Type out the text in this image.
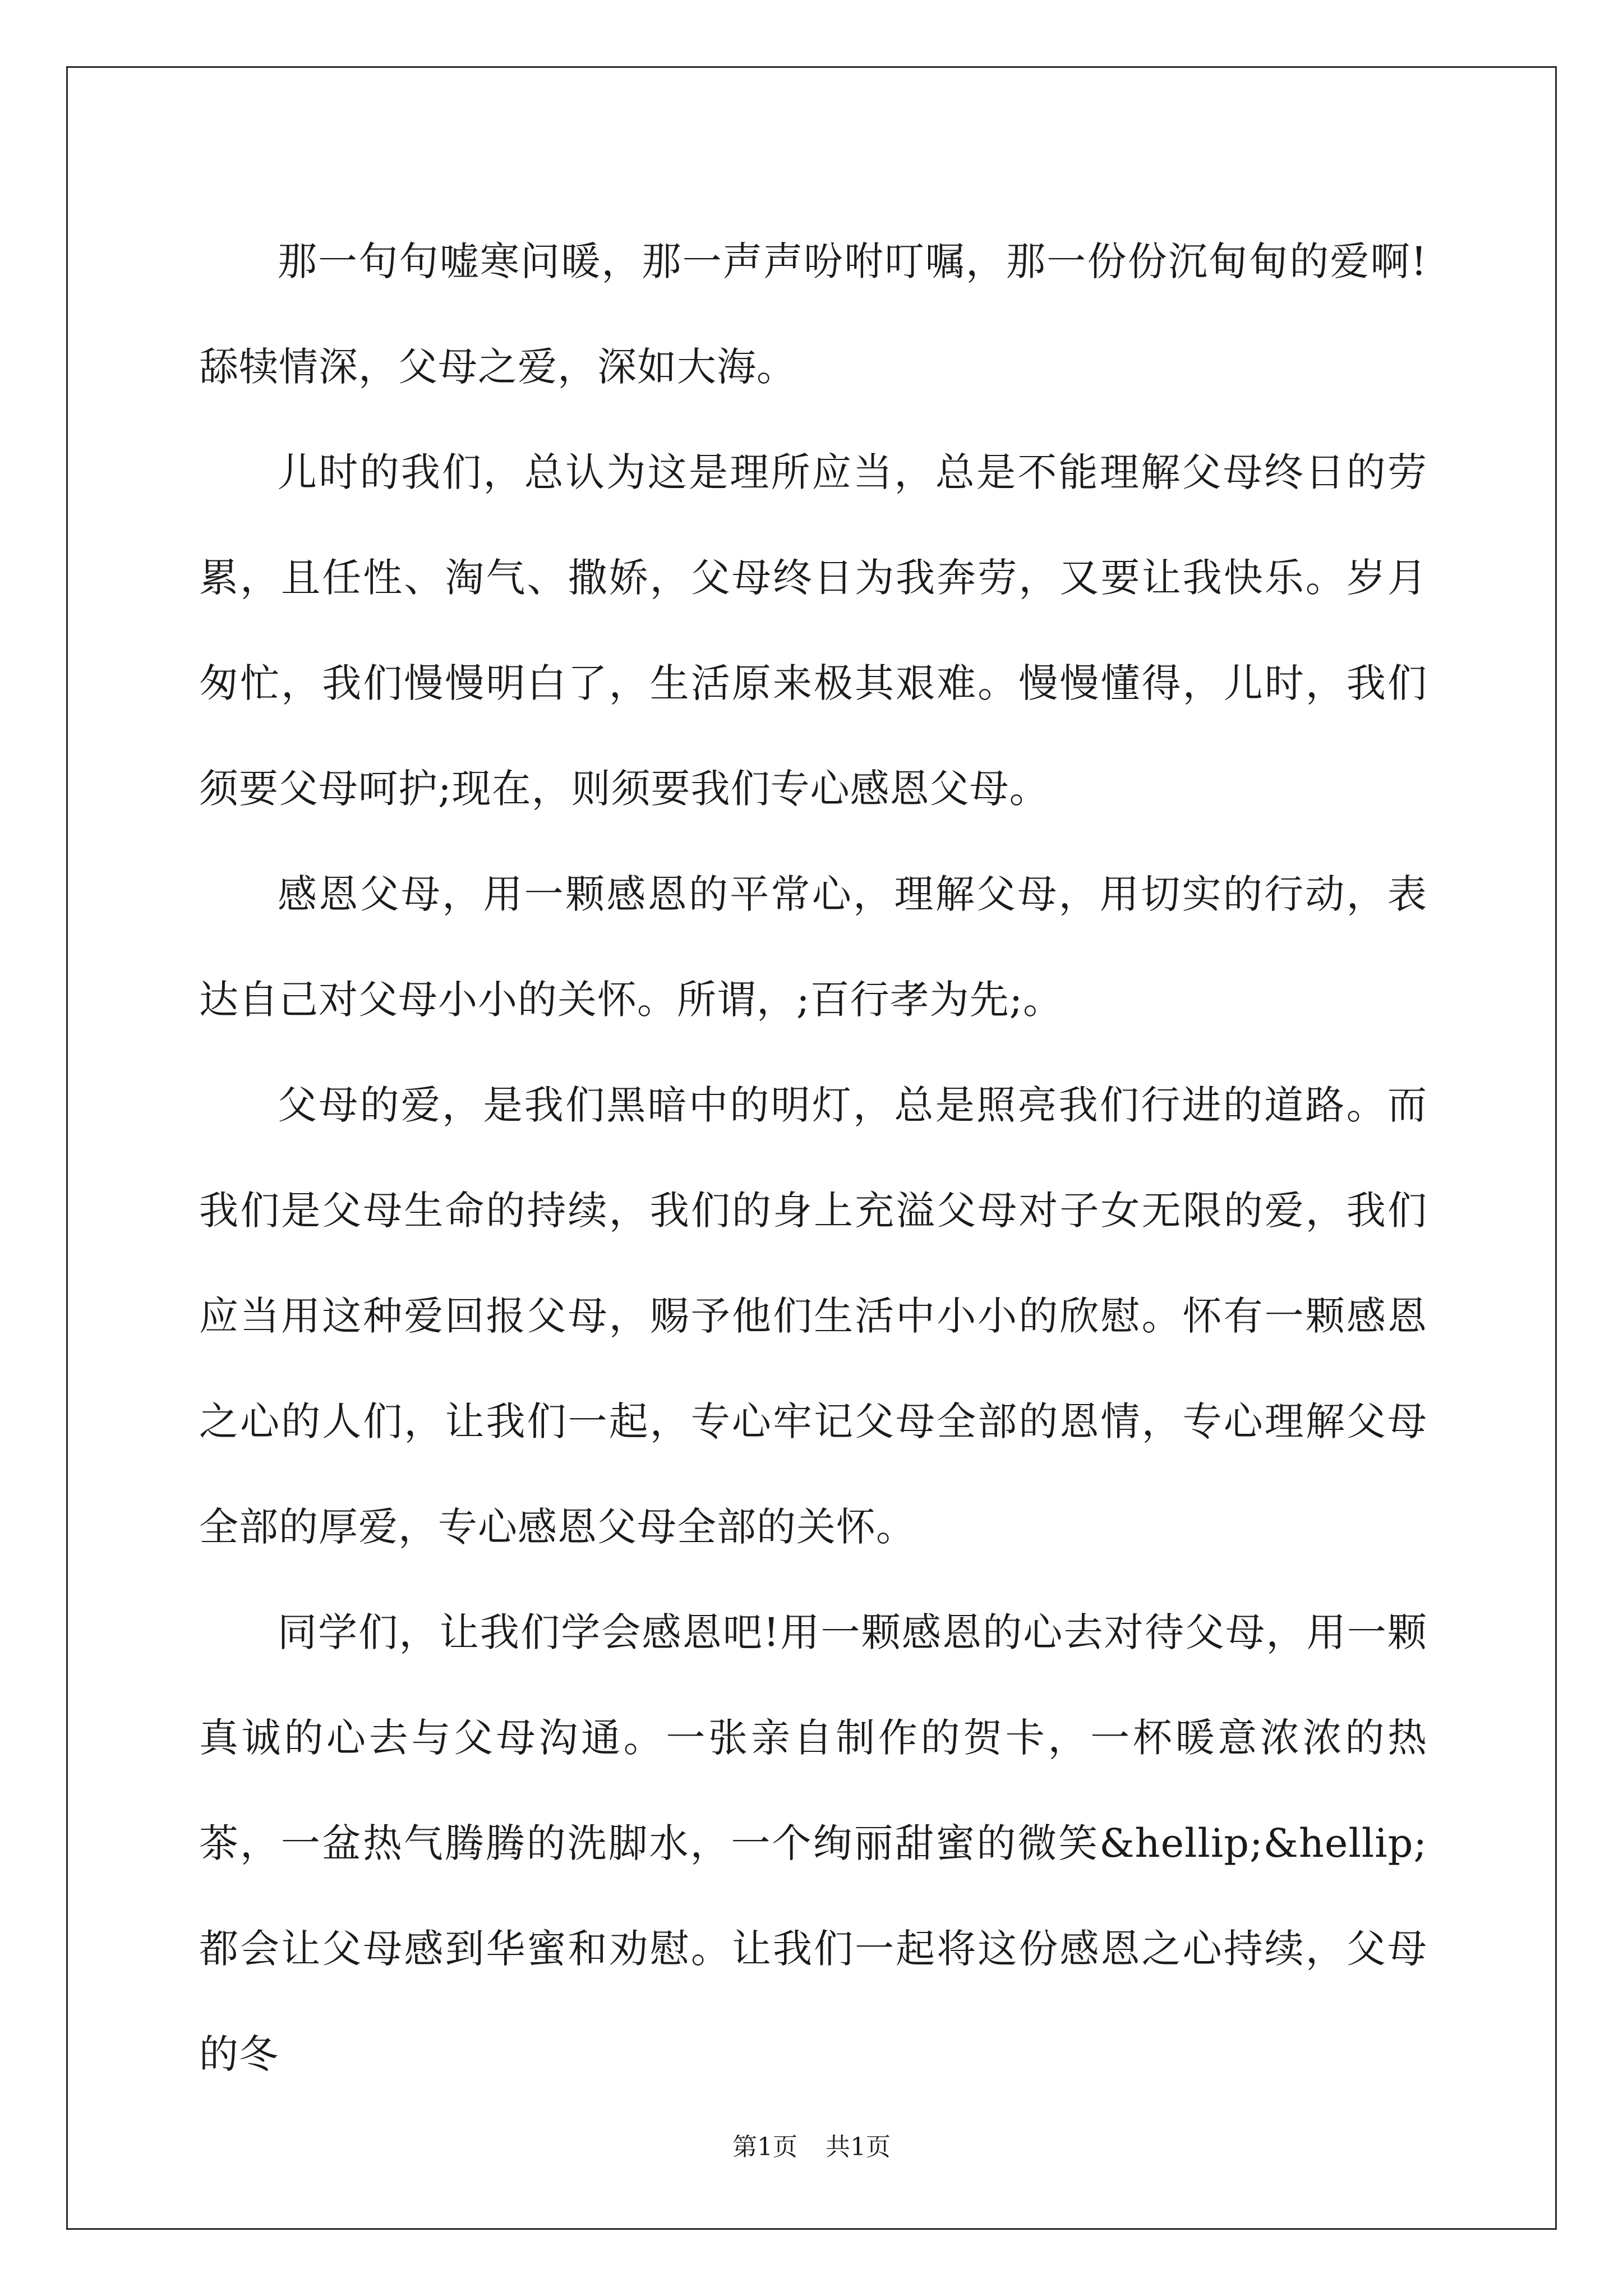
那一句句嘘寒问暖，那一声声吩咐叮嘱，那一份份沉甸甸的爱啊!舔犊情深，父母之爱，深如大海。

儿时的我们，总认为这是理所应当，总是不能理解父母终日的劳累，且任性、淘气、撒娇，父母终日为我奔劳，又要让我快乐。岁月匆忙，我们慢慢明白了，生活原来极其艰难。慢慢懂得，儿时，我们须要父母呵护;现在，则须要我们专心感恩父母。

感恩父母，用一颗感恩的平常心，理解父母，用切实的行动，表达自己对父母小小的关怀。所谓，;百行孝为先;。

父母的爱，是我们黑暗中的明灯，总是照亮我们行进的道路。而我们是父母生命的持续，我们的身上充溢父母对子女无限的爱，我们应当用这种爱回报父母，赐予他们生活中小小的欣慰。怀有一颗感恩之心的人们，让我们一起，专心牢记父母全部的恩情，专心理解父母全部的厚爱，专心感恩父母全部的关怀。

同学们，让我们学会感恩吧!用一颗感恩的心去对待父母，用一颗真诚的心去与父母沟通。一张亲自制作的贺卡，一杯暖意浓浓的热茶，一盆热气腾腾的洗脚水，一个绚丽甜蜜的微笑&hellip;&hellip;都会让父母感到华蜜和劝慰。让我们一起将这份感恩之心持续，父母的冬

第1页 共1页
